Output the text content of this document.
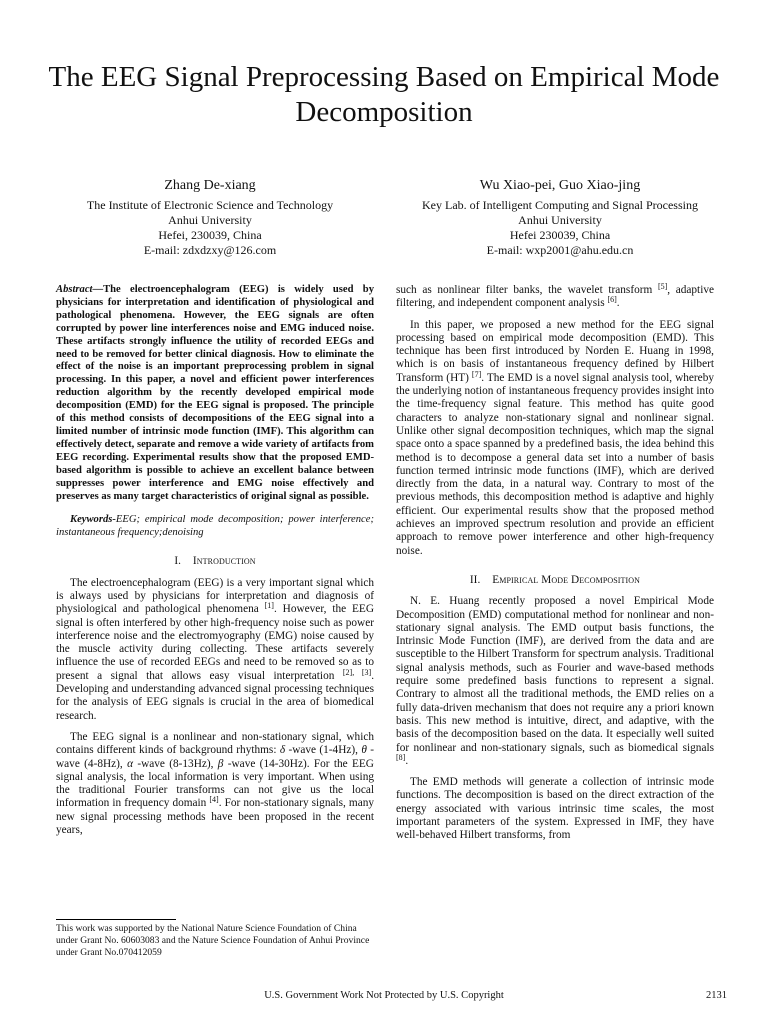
The EEG Signal Preprocessing Based on Empirical Mode Decomposition
Zhang De-xiang
The Institute of Electronic Science and Technology
Anhui University
Hefei, 230039, China
E-mail: zdxdzxy@126.com
Wu Xiao-pei, Guo Xiao-jing
Key Lab. of Intelligent Computing and Signal Processing
Anhui University
Hefei 230039, China
E-mail: wxp2001@ahu.edu.cn

Abstract—The electroencephalogram (EEG) is widely used by physicians for interpretation and identification of physiological and pathological phenomena. However, the EEG signals are often corrupted by power line interferences noise and EMG induced noise. These artifacts strongly influence the utility of recorded EEGs and need to be removed for better clinical diagnosis. How to eliminate the effect of the noise is an important preprocessing problem in signal processing. In this paper, a novel and efficient power interferences reduction algorithm by the recently developed empirical mode decomposition (EMD) for the EEG signal is proposed. The principle of this method consists of decompositions of the EEG signal into a limited number of intrinsic mode function (IMF). This algorithm can effectively detect, separate and remove a wide variety of artifacts from EEG recording. Experimental results show that the proposed EMD-based algorithm is possible to achieve an excellent balance between suppresses power interference and EMG noise effectively and preserves as many target characteristics of original signal as possible.

Keywords-EEG; empirical mode decomposition; power interference; instantaneous frequency;denoising

I. Introduction

The electroencephalogram (EEG) is a very important signal which is always used by physicians for interpretation and diagnosis of physiological and pathological phenomena [1]. However, the EEG signal is often interfered by other high-frequency noise such as power interference noise and the electromyography (EMG) noise caused by the muscle activity during collecting. These artifacts severely influence the use of recorded EEGs and need to be removed so as to present a signal that allows easy visual interpretation [2], [3]. Developing and understanding advanced signal processing techniques for the analysis of EEG signals is crucial in the area of biomedical research.

The EEG signal is a nonlinear and non-stationary signal, which contains different kinds of background rhythms: δ -wave (1-4Hz), θ -wave (4-8Hz), α -wave (8-13Hz), β -wave (14-30Hz). For the EEG signal analysis, the local information is very important. When using the traditional Fourier transforms can not give us the local information in frequency domain [4]. For non-stationary signals, many new signal processing methods have been proposed in the recent years,

such as nonlinear filter banks, the wavelet transform [5], adaptive filtering, and independent component analysis [6].

In this paper, we proposed a new method for the EEG signal processing based on empirical mode decomposition (EMD). This technique has been first introduced by Norden E. Huang in 1998, which is on basis of instantaneous frequency defined by Hilbert Transform (HT) [7]. The EMD is a novel signal analysis tool, whereby the underlying notion of instantaneous frequency provides insight into the time-frequency signal feature. This method has quite good characters to analyze non-stationary signal and nonlinear signal. Unlike other signal decomposition techniques, which map the signal space onto a space spanned by a predefined basis, the idea behind this method is to decompose a general data set into a number of basis function termed intrinsic mode functions (IMF), which are derived directly from the data, in a natural way. Contrary to most of the previous methods, this decomposition method is adaptive and highly efficient. Our experimental results show that the proposed method achieves an improved spectrum resolution and provide an efficient approach to remove power interference and other high-frequency noise.

II. Empirical Mode Decomposition

N. E. Huang recently proposed a novel Empirical Mode Decomposition (EMD) computational method for nonlinear and non-stationary signal analysis. The EMD output basis functions, the Intrinsic Mode Function (IMF), are derived from the data and are susceptible to the Hilbert Transform for spectrum analysis. Traditional signal analysis methods, such as Fourier and wave-based methods require some predefined basis functions to represent a signal. Contrary to almost all the traditional methods, the EMD relies on a fully data-driven mechanism that does not require any a priori known basis. This new method is intuitive, direct, and adaptive, with the basis of the decomposition based on the data. It especially well suited for nonlinear and non-stationary signals, such as biomedical signals [8].

The EMD methods will generate a collection of intrinsic mode functions. The decomposition is based on the direct extraction of the energy associated with various intrinsic time scales, the most important parameters of the system. Expressed in IMF, they have well-behaved Hilbert transforms, from

This work was supported by the National Nature Science Foundation of China under Grant No. 60603083 and the Nature Science Foundation of Anhui Province under Grant No.070412059
U.S. Government Work Not Protected by U.S. Copyright	2131
